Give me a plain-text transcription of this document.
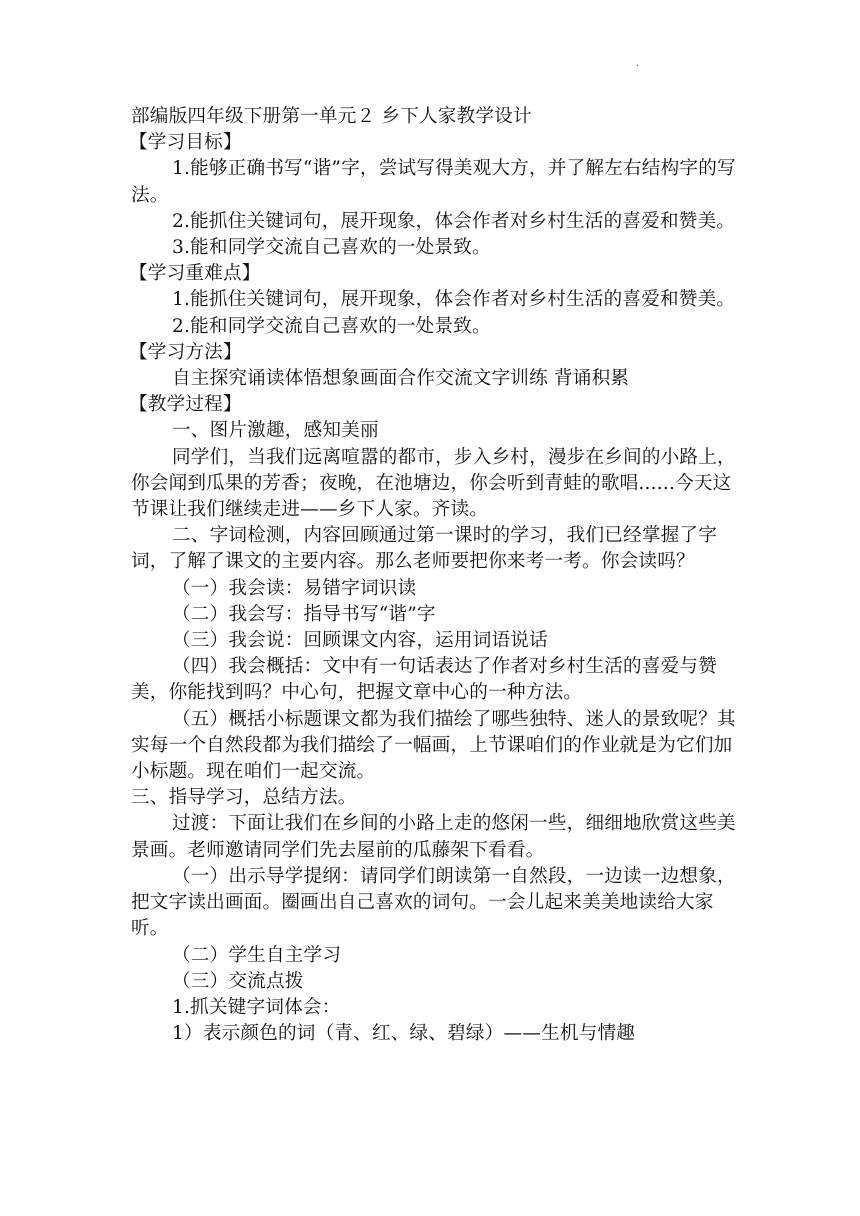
.

部编版四年级下册第一单元２ 乡下人家教学设计

【学习目标】

1.能够正确书写“谐”字，尝试写得美观大方，并了解左右结构字的写法。

2.能抓住关键词句，展开现象，体会作者对乡村生活的喜爱和赞美。

3.能和同学交流自己喜欢的一处景致。

【学习重难点】

1.能抓住关键词句，展开现象，体会作者对乡村生活的喜爱和赞美。

2.能和同学交流自己喜欢的一处景致。

【学习方法】

自主探究诵读体悟想象画面合作交流文字训练 背诵积累

【教学过程】

一、图片激趣，感知美丽

同学们，当我们远离喧嚣的都市，步入乡村，漫步在乡间的小路上，你会闻到瓜果的芳香；夜晚，在池塘边，你会听到青蛙的歌唱......今天这节课让我们继续走进——乡下人家。齐读。

二、字词检测，内容回顾通过第一课时的学习，我们已经掌握了字词，了解了课文的主要内容。那么老师要把你来考一考。你会读吗？

（一）我会读：易错字词识读

（二）我会写：指导书写“谐”字

（三）我会说：回顾课文内容，运用词语说话

（四）我会概括：文中有一句话表达了作者对乡村生活的喜爱与赞美，你能找到吗？中心句，把握文章中心的一种方法。

（五）概括小标题课文都为我们描绘了哪些独特、迷人的景致呢？其实每一个自然段都为我们描绘了一幅画，上节课咱们的作业就是为它们加小标题。现在咱们一起交流。

三、指导学习，总结方法。

过渡：下面让我们在乡间的小路上走的悠闲一些，细细地欣赏这些美景画。老师邀请同学们先去屋前的瓜藤架下看看。

（一）出示导学提纲：请同学们朗读第一自然段，一边读一边想象，把文字读出画面。圈画出自己喜欢的词句。一会儿起来美美地读给大家听。

（二）学生自主学习

（三）交流点拨

1.抓关键字词体会：

1）表示颜色的词（青、红、绿、碧绿）——生机与情趣
